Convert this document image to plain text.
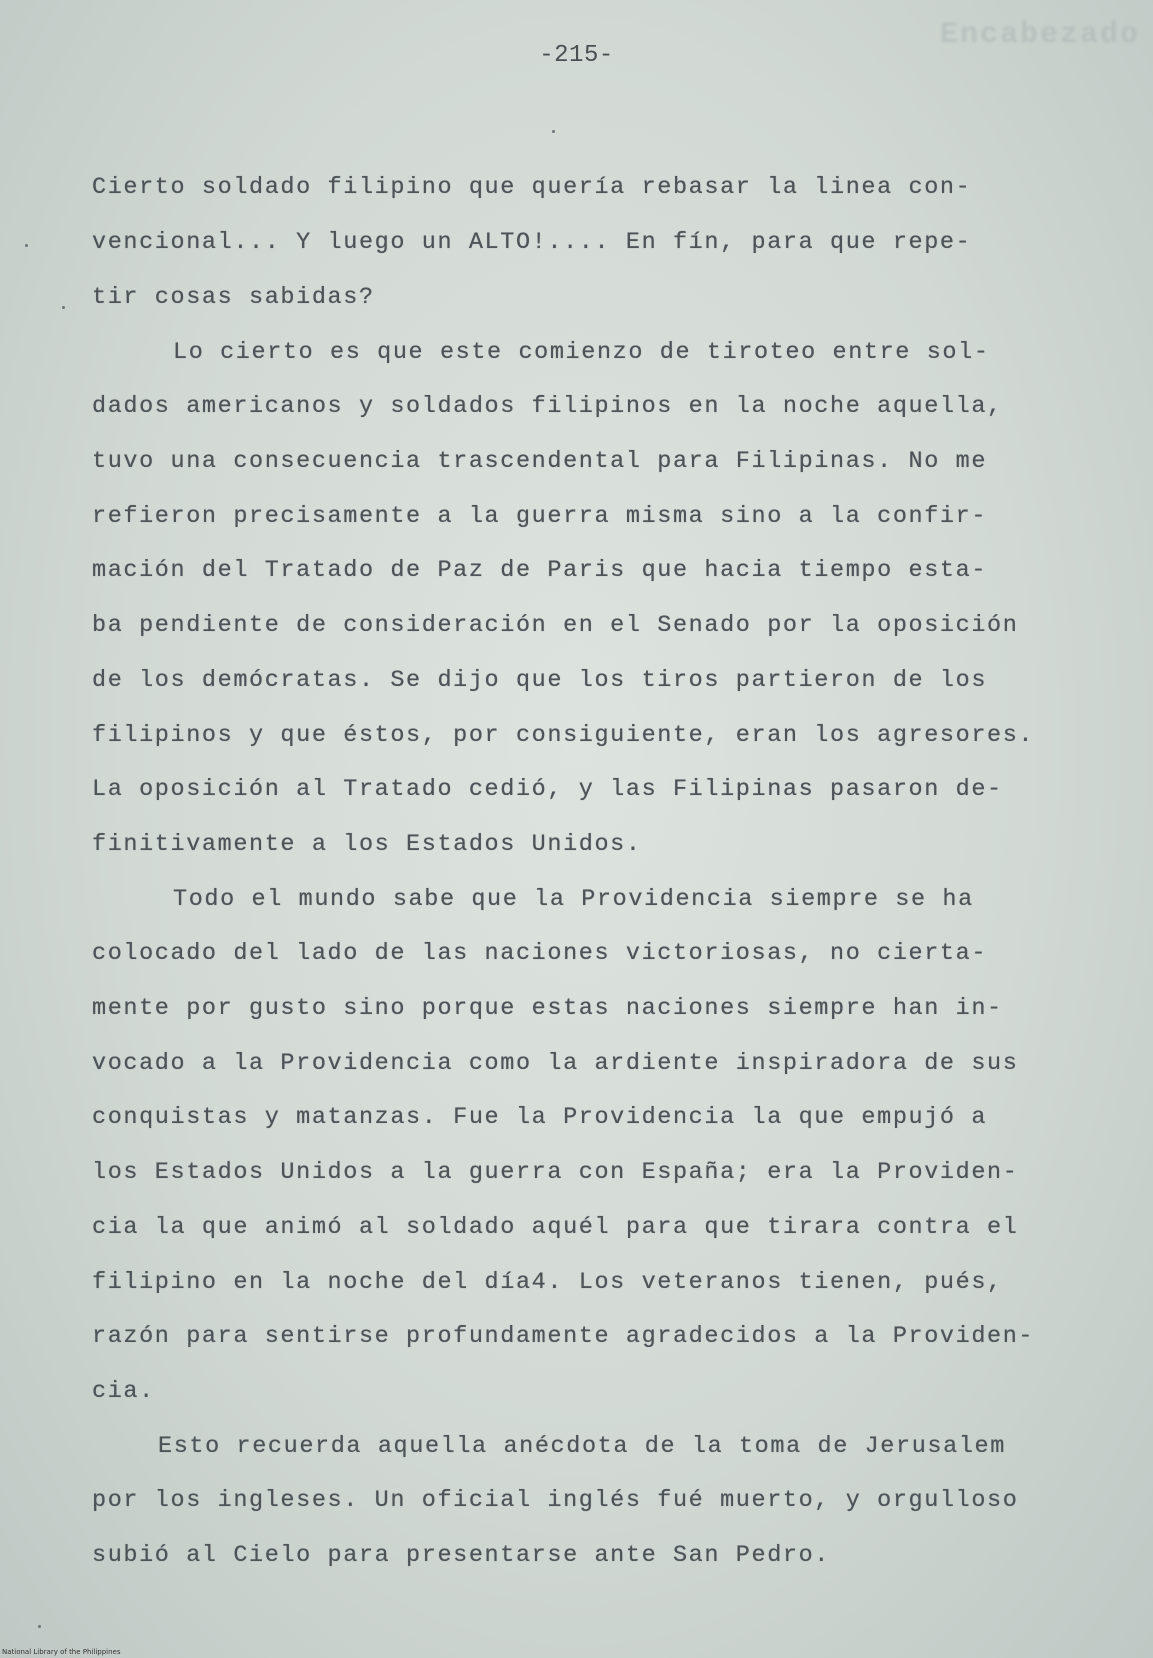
Encabezado
-215-
Cierto soldado filipino que quería rebasar la linea con-
vencional... Y luego un ALTO!.... En fín, para que repe-
tir cosas sabidas?
Lo cierto es que este comienzo de tiroteo entre sol-
dados americanos y soldados filipinos en la noche aquella,
tuvo una consecuencia trascendental para Filipinas. No me
refieron precisamente a la guerra misma sino a la confir-
mación del Tratado de Paz de Paris que hacia tiempo esta-
ba pendiente de consideración en el Senado por la oposición
de los demócratas. Se dijo que los tiros partieron de los
filipinos y que éstos, por consiguiente, eran los agresores.
La oposición al Tratado cedió, y las Filipinas pasaron de-
finitivamente a los Estados Unidos.
Todo el mundo sabe que la Providencia siempre se ha
colocado del lado de las naciones victoriosas, no cierta-
mente por gusto sino porque estas naciones siempre han in-
vocado a la Providencia como la ardiente inspiradora de sus
conquistas y matanzas. Fue la Providencia la que empujó a
los Estados Unidos a la guerra con España; era la Providen-
cia la que animó al soldado aquél para que tirara contra el
filipino en la noche del día4. Los veteranos tienen, pués,
razón para sentirse profundamente agradecidos a la Providen-
cia.
Esto recuerda aquella anécdota de la toma de Jerusalem
por los ingleses. Un oficial inglés fué muerto, y orgulloso
subió al Cielo para presentarse ante San Pedro.
National Library of the Philippines
